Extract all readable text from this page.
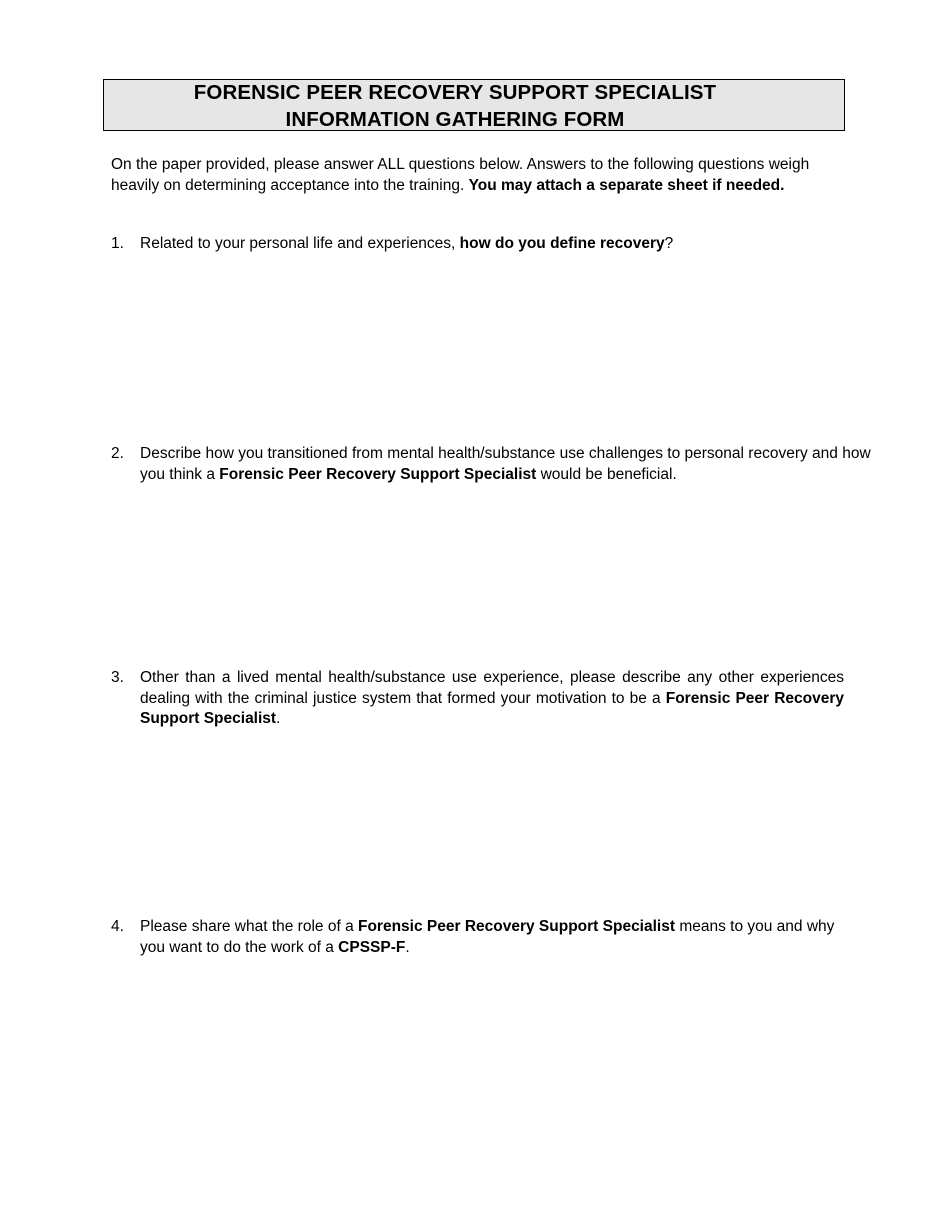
FORENSIC PEER RECOVERY SUPPORT SPECIALIST
INFORMATION GATHERING FORM
On the paper provided, please answer ALL questions below. Answers to the following questions weigh heavily on determining acceptance into the training. You may attach a separate sheet if needed.
1. Related to your personal life and experiences, how do you define recovery?
2. Describe how you transitioned from mental health/substance use challenges to personal recovery and how you think a Forensic Peer Recovery Support Specialist would be beneficial.
3. Other than a lived mental health/substance use experience, please describe any other experiences dealing with the criminal justice system that formed your motivation to be a Forensic Peer Recovery Support Specialist.
4. Please share what the role of a Forensic Peer Recovery Support Specialist means to you and why you want to do the work of a CPSSP-F.
